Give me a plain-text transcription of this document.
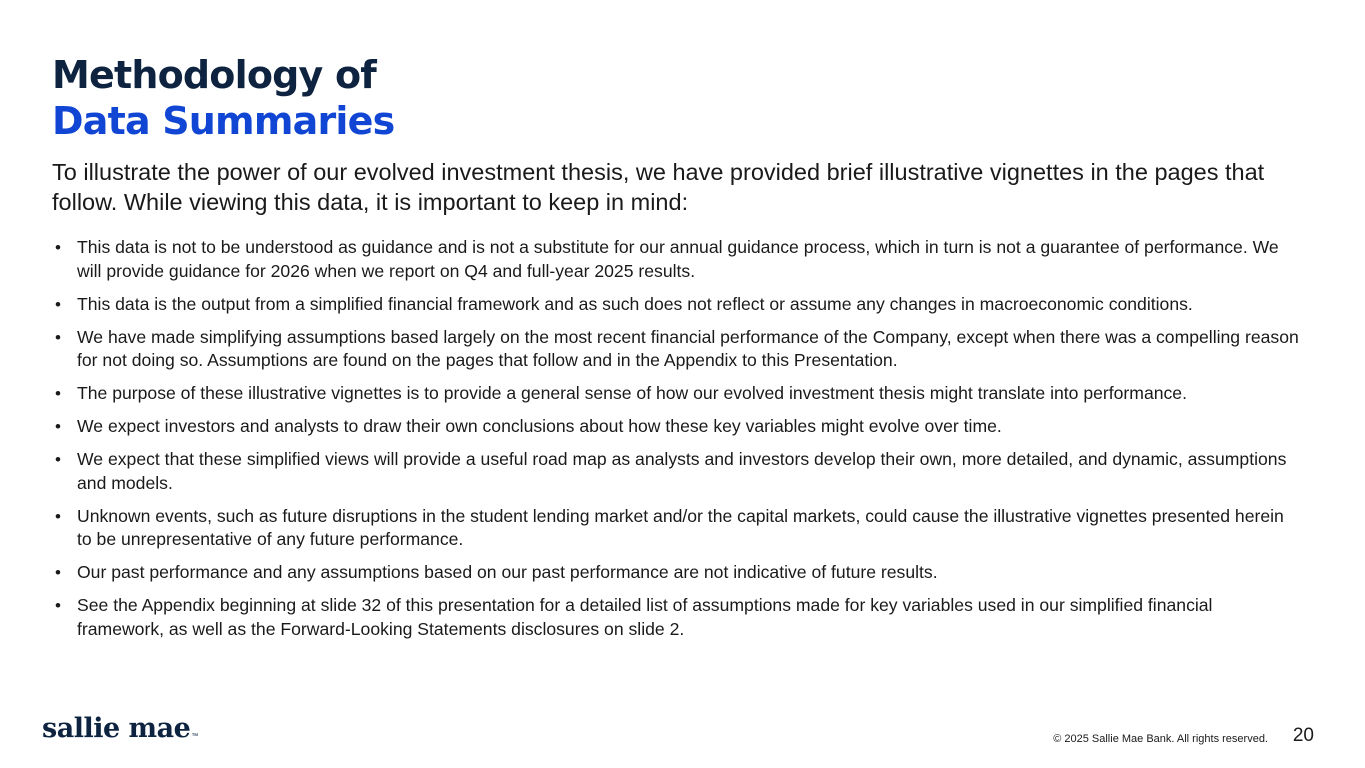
Methodology of
Data Summaries

To illustrate the power of our evolved investment thesis, we have provided brief illustrative vignettes in the pages that follow. While viewing this data, it is important to keep in mind:

• This data is not to be understood as guidance and is not a substitute for our annual guidance process, which in turn is not a guarantee of performance. We will provide guidance for 2026 when we report on Q4 and full-year 2025 results.
• This data is the output from a simplified financial framework and as such does not reflect or assume any changes in macroeconomic conditions.
• We have made simplifying assumptions based largely on the most recent financial performance of the Company, except when there was a compelling reason for not doing so. Assumptions are found on the pages that follow and in the Appendix to this Presentation.
• The purpose of these illustrative vignettes is to provide a general sense of how our evolved investment thesis might translate into performance.
• We expect investors and analysts to draw their own conclusions about how these key variables might evolve over time.
• We expect that these simplified views will provide a useful road map as analysts and investors develop their own, more detailed, and dynamic, assumptions and models.
• Unknown events, such as future disruptions in the student lending market and/or the capital markets, could cause the illustrative vignettes presented herein to be unrepresentative of any future performance.
• Our past performance and any assumptions based on our past performance are not indicative of future results.
• See the Appendix beginning at slide 32 of this presentation for a detailed list of assumptions made for key variables used in our simplified financial framework, as well as the Forward-Looking Statements disclosures on slide 2.
sallie mae™	© 2025 Sallie Mae Bank. All rights reserved. 20
